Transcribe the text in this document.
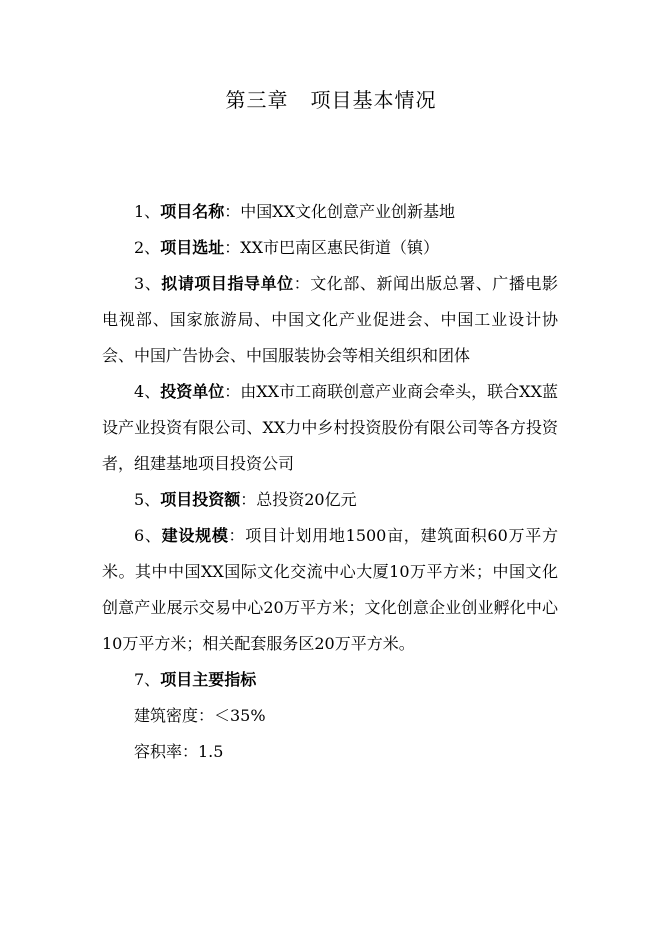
第三章   项目基本情况

1、项目名称：中国XX文化创意产业创新基地

2、项目选址：XX市巴南区惠民街道（镇）

3、拟请项目指导单位：文化部、新闻出版总署、广播电影电视部、国家旅游局、中国文化产业促进会、中国工业设计协会、中国广告协会、中国服装协会等相关组织和团体

4、投资单位：由XX市工商联创意产业商会牵头，联合XX蓝设产业投资有限公司、XX力中乡村投资股份有限公司等各方投资者，组建基地项目投资公司

5、项目投资额：总投资20亿元

6、建设规模：项目计划用地1500亩，建筑面积60万平方米。其中中国XX国际文化交流中心大厦10万平方米；中国文化创意产业展示交易中心20万平方米；文化创意企业创业孵化中心10万平方米；相关配套服务区20万平方米。

7、项目主要指标

建筑密度：＜35%

容积率：1.5
